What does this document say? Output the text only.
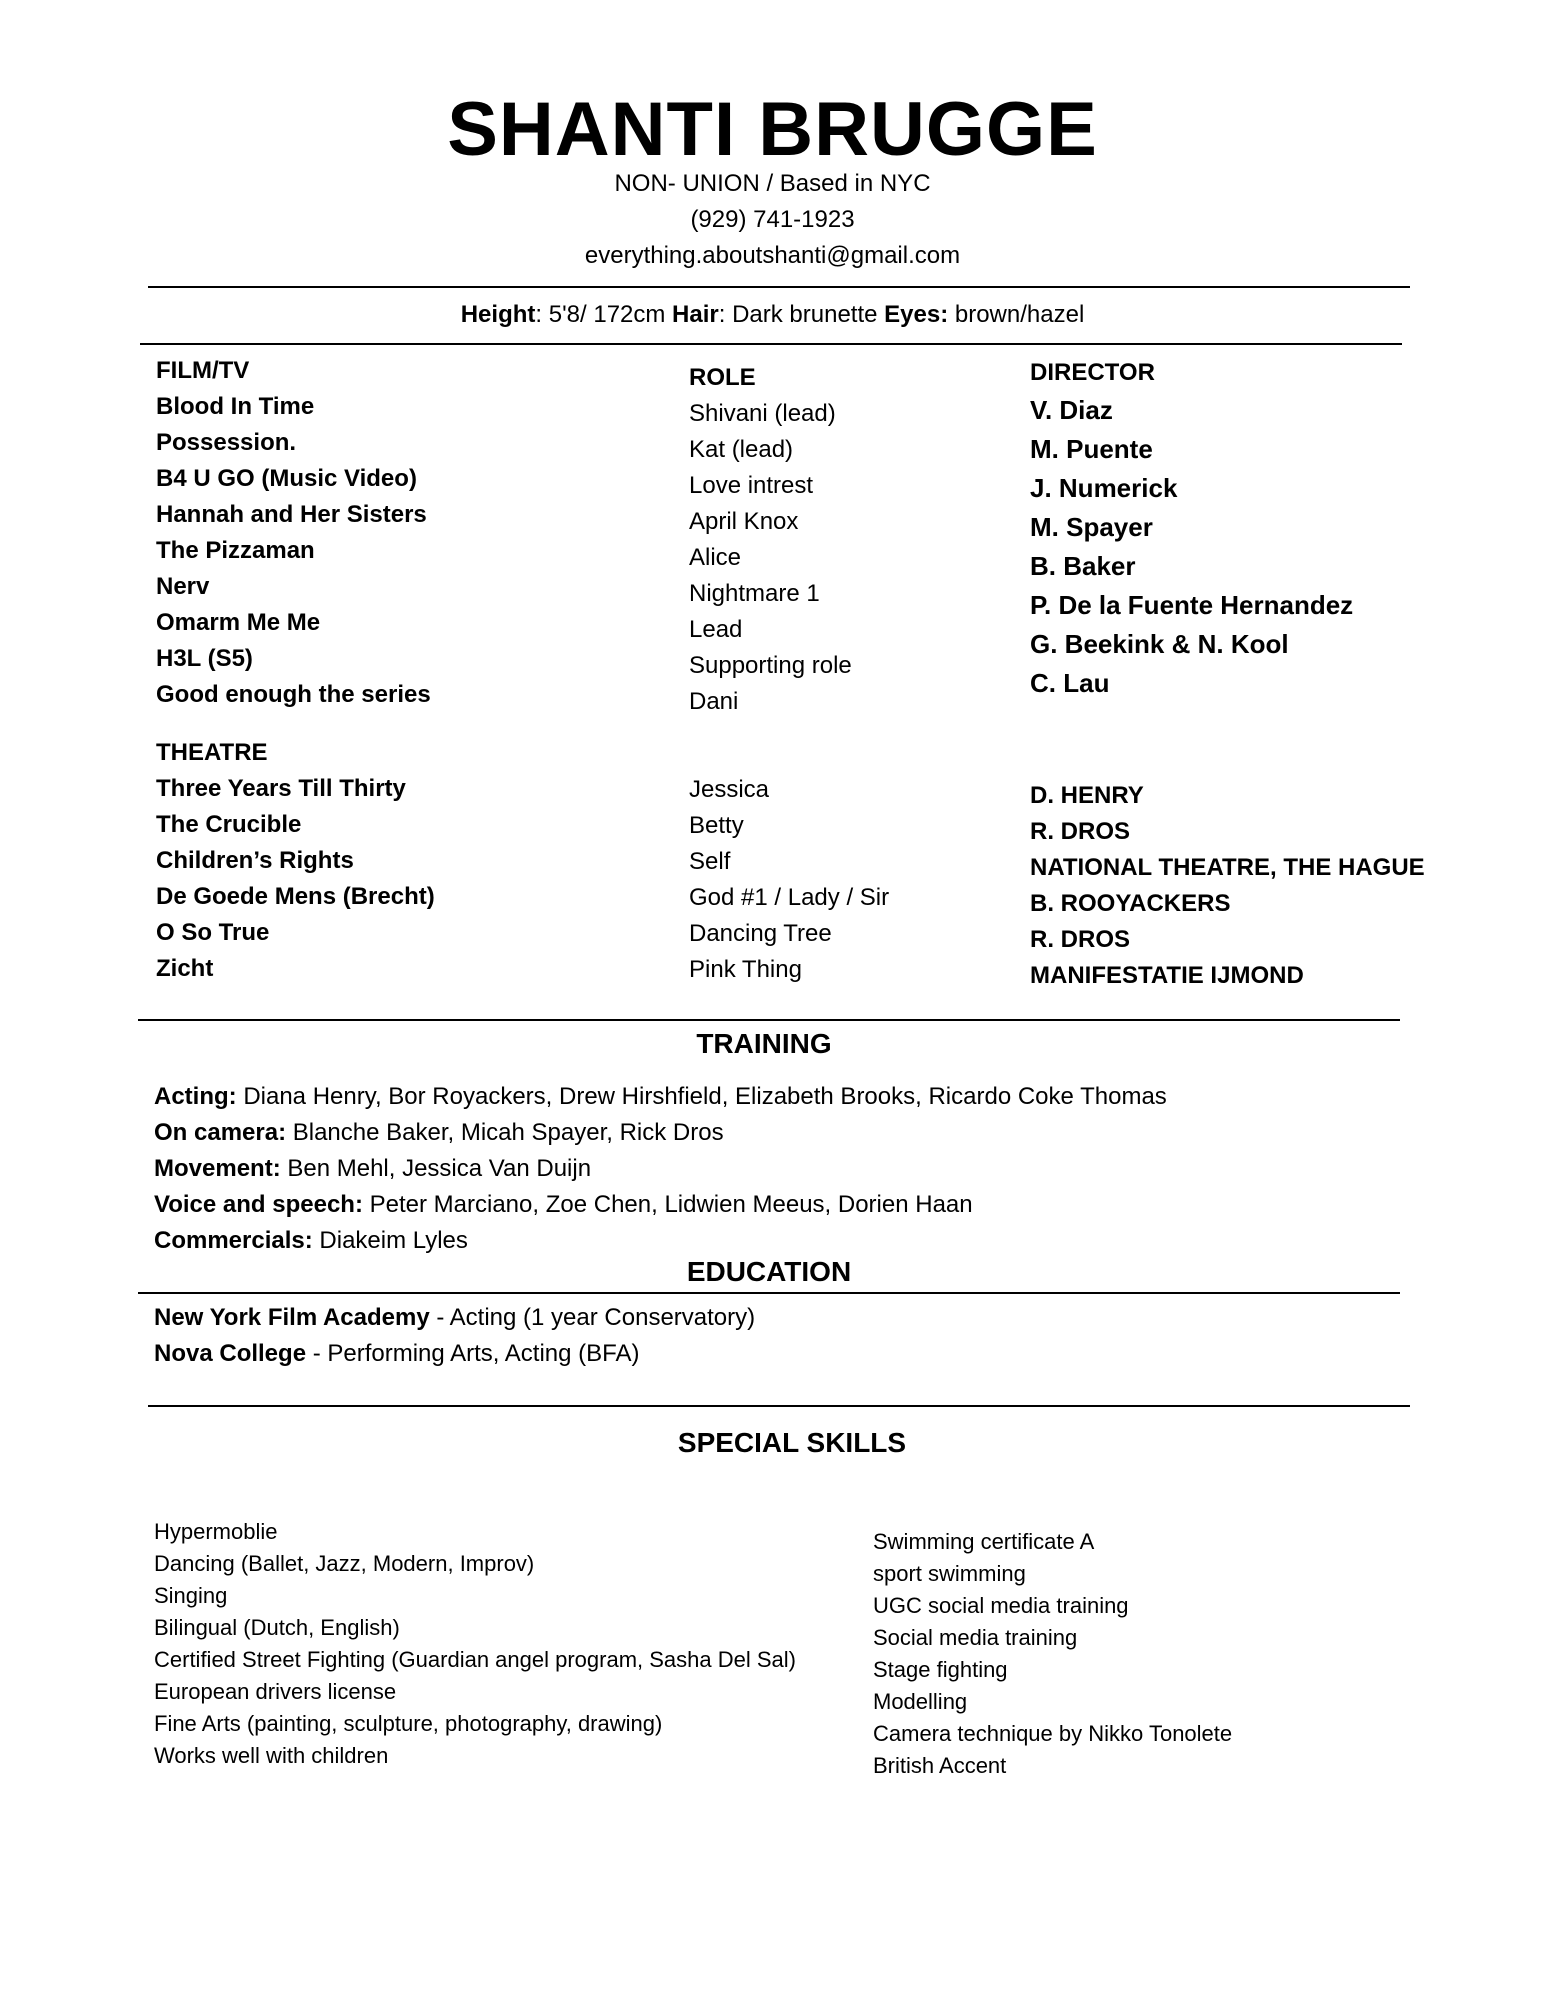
SHANTI BRUGGE
NON- UNION / Based in NYC
(929) 741-1923
everything.aboutshanti@gmail.com
Height: 5'8/ 172cm Hair: Dark brunette Eyes: brown/hazel
FILM/TV
Blood In Time
Possession.
B4 U GO (Music Video)
Hannah and Her Sisters
The Pizzaman
Nerv
Omarm Me Me
H3L (S5)
Good enough the series
ROLE
Shivani (lead)
Kat (lead)
Love intrest
April Knox
Alice
Nightmare 1
Lead
Supporting role
Dani
DIRECTOR
V. Diaz
M. Puente
J. Numerick
M. Spayer
B. Baker
P. De la Fuente Hernandez
G. Beekink & N. Kool
C. Lau
THEATRE
Three Years Till Thirty
The Crucible
Children’s Rights
De Goede Mens (Brecht)
O So True
Zicht
Jessica
Betty
Self
God #1 / Lady / Sir
Dancing Tree
Pink Thing
D. HENRY
R. DROS
NATIONAL THEATRE, THE HAGUE
B. ROOYACKERS
R. DROS
MANIFESTATIE IJMOND
TRAINING
Acting: Diana Henry, Bor Royackers, Drew Hirshfield, Elizabeth Brooks, Ricardo Coke Thomas
On camera: Blanche Baker, Micah Spayer, Rick Dros
Movement: Ben Mehl, Jessica Van Duijn
Voice and speech: Peter Marciano, Zoe Chen, Lidwien Meeus, Dorien Haan
Commercials: Diakeim Lyles
EDUCATION
New York Film Academy - Acting (1 year Conservatory)
Nova College - Performing Arts, Acting (BFA)
SPECIAL SKILLS
Hypermoblie
Dancing (Ballet, Jazz, Modern, Improv)
Singing
Bilingual (Dutch, English)
Certified Street Fighting (Guardian angel program, Sasha Del Sal)
European drivers license
Fine Arts (painting, sculpture, photography, drawing)
Works well with children
Swimming certificate A
sport swimming
UGC social media training
Social media training
Stage fighting
Modelling
Camera technique by Nikko Tonolete
British Accent
